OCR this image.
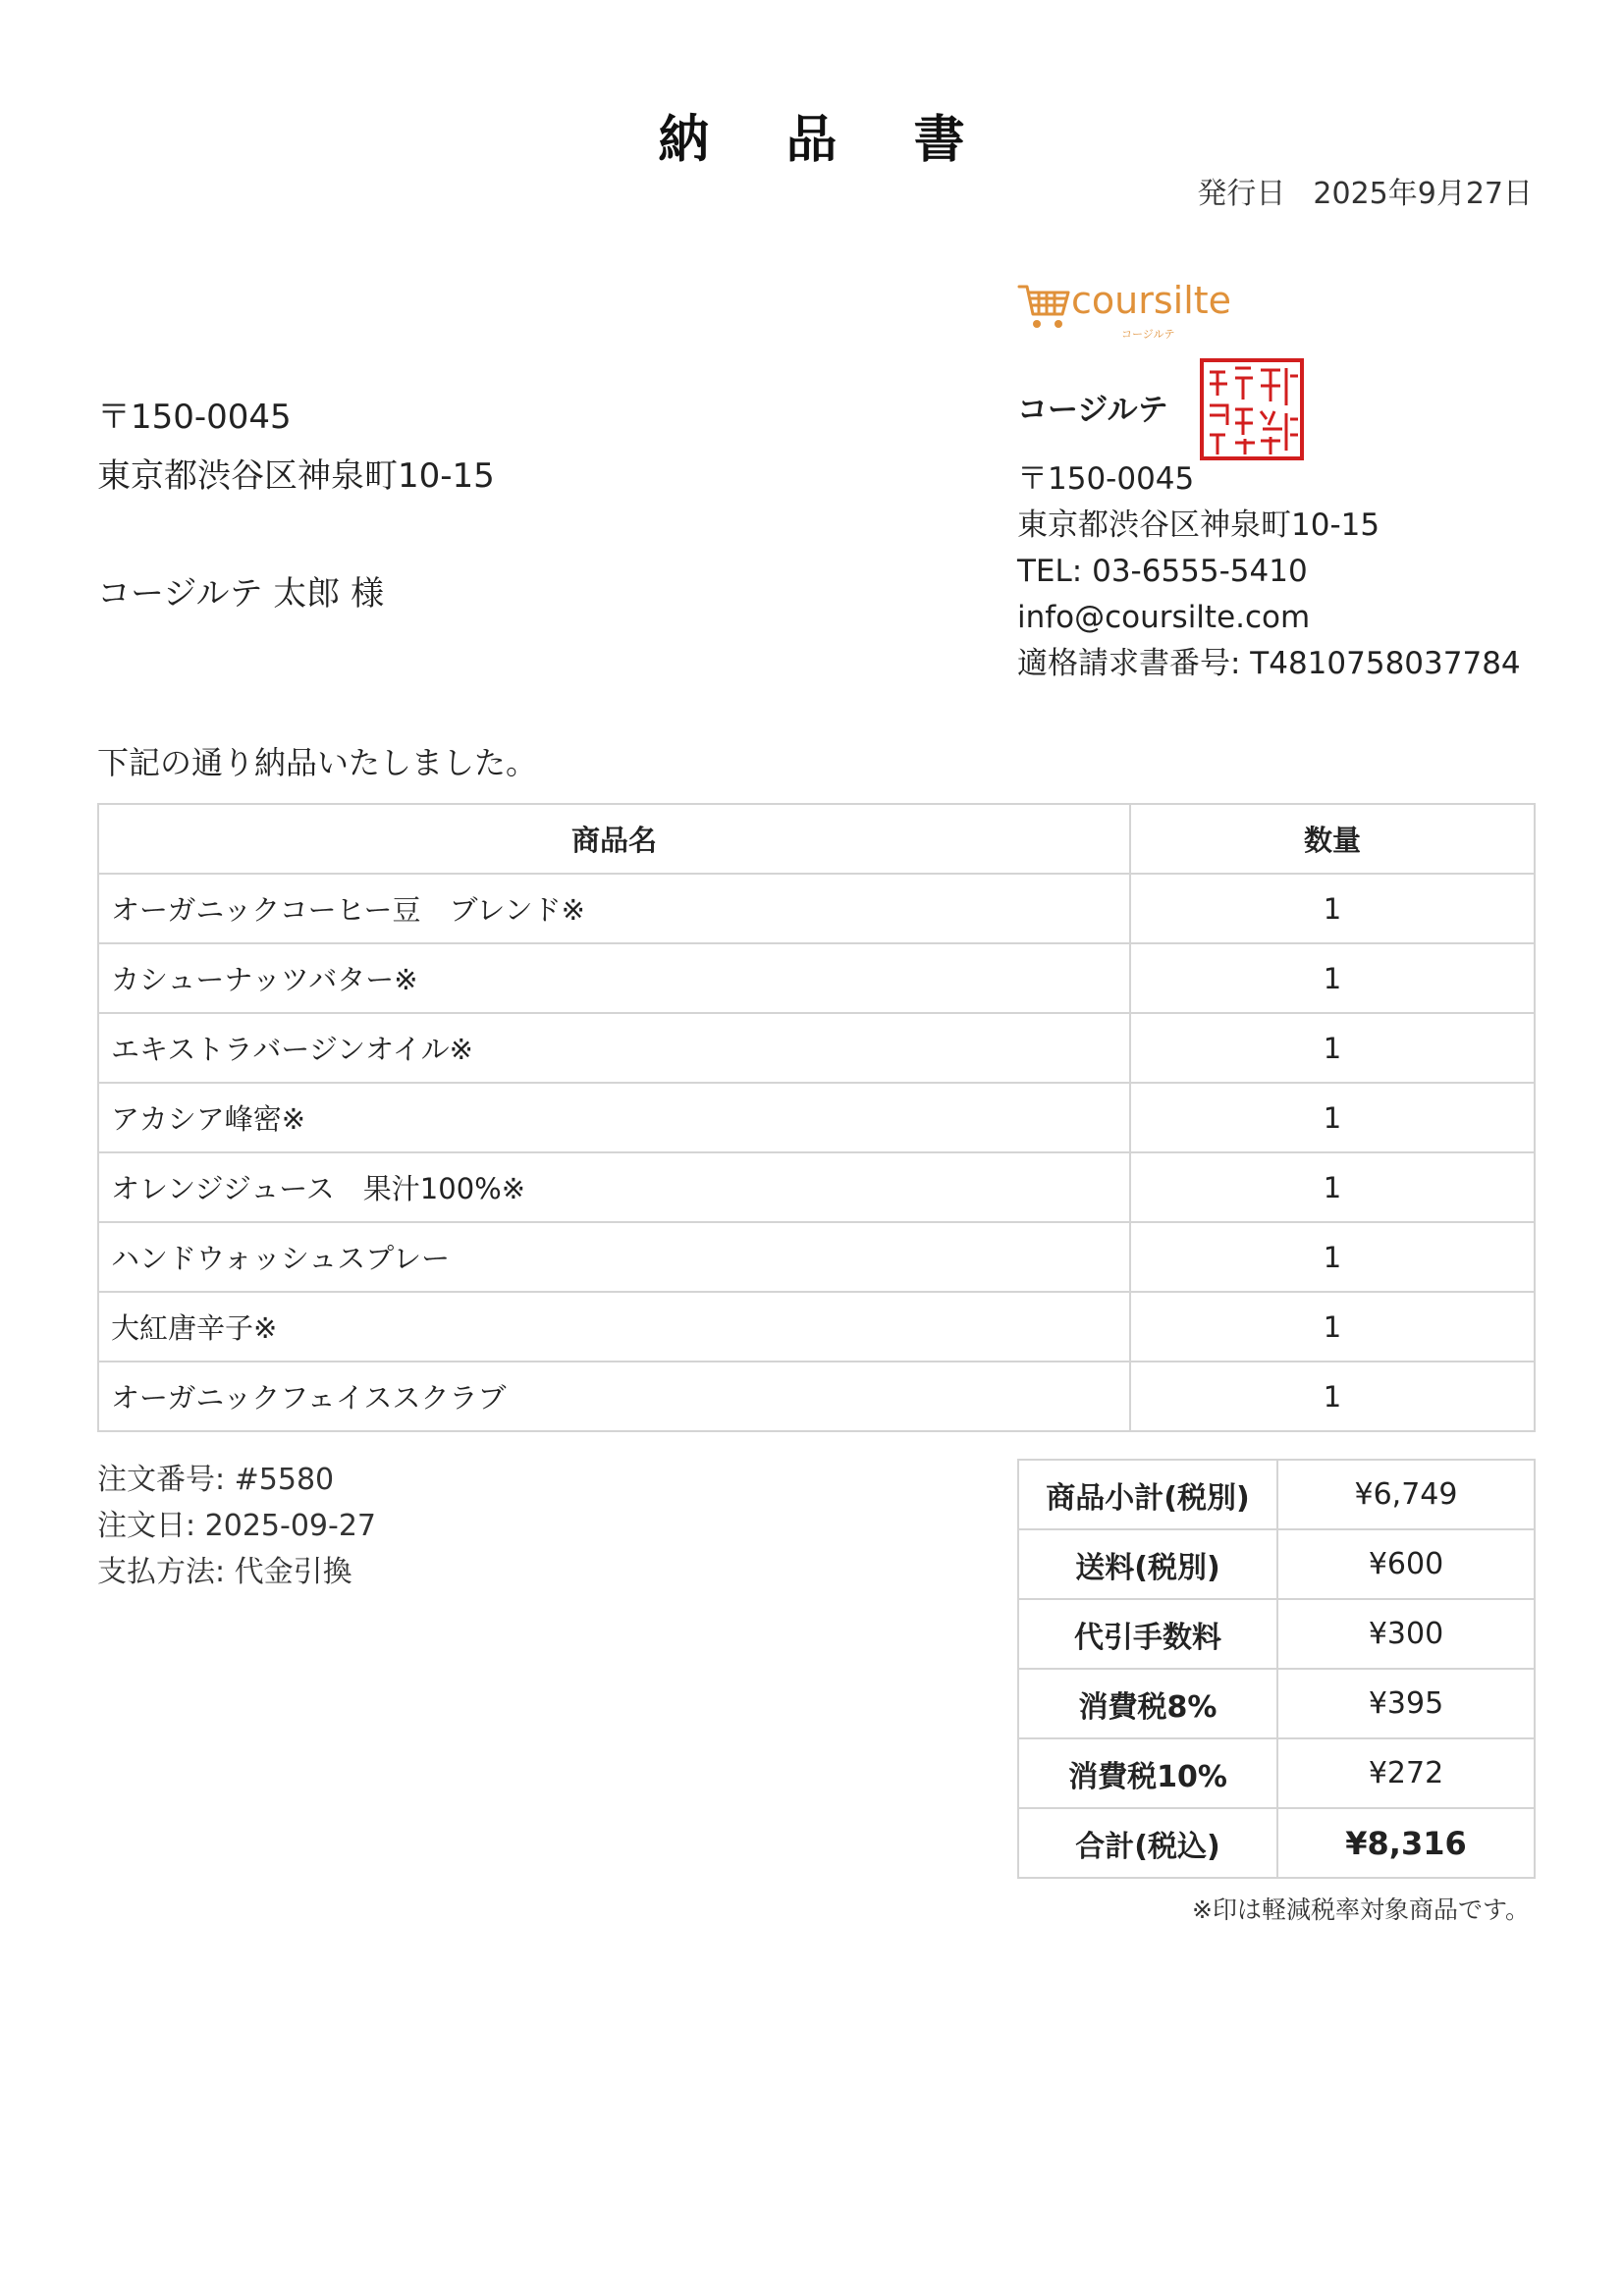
納 品 書
発行日 2025年9月27日
coursilte
コージルテ
〒150-0045
東京都渋谷区神泉町10-15
コージルテ 太郎 様
コージルテ
〒150-0045
東京都渋谷区神泉町10-15
TEL: 03-6555-5410
info@coursilte.com
適格請求書番号: T4810758037784
下記の通り納品いたしました。
商品名	数量
オーガニックコーヒー豆　ブレンド※	1
カシューナッツバター※	1
エキストラバージンオイル※	1
アカシア峰密※	1
オレンジジュース　果汁100%※	1
ハンドウォッシュスプレー	1
大紅唐辛子※	1
オーガニックフェイススクラブ	1
注文番号: #5580
注文日: 2025-09-27
支払方法: 代金引換
商品小計(税別)	¥6,749
送料(税別)	¥600
代引手数料	¥300
消費税8%	¥395
消費税10%	¥272
合計(税込)	¥8,316
※印は軽減税率対象商品です。
